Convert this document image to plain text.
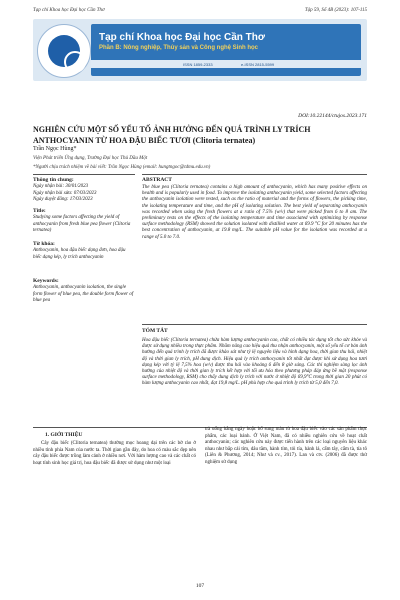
Tạp chí Khoa học Đại học Cần Thơ	Tập 59, Số 4B (2023): 107-115
Tạp chí Khoa học Đại học Cần Thơ
Phần B: Nông nghiệp, Thủy sản và Công nghệ Sinh học
ISSN 1859-2333	e-ISSN 2815-5599
DOI:10.22144/ctujos.2023.171
NGHIÊN CỨU MỘT SỐ YẾU TỐ ẢNH HƯỞNG ĐẾN QUÁ TRÌNH LY TRÍCH ANTHOCYANIN TỪ HOA ĐẬU BIẾC TƯƠI (Clitoria ternatea)
Trần Ngọc Hùng*
Viện Phát triển Ứng dụng, Trường Đại học Thủ Dầu Một
*Người chịu trách nhiệm về bài viết: Trần Ngọc Hùng (email: hungtngoc@tdmu.edu.vn)
Thông tin chung:
Ngày nhận bài: 30/01/2023
Ngày nhận bài sửa: 07/03/2023
Ngày duyệt đăng: 17/03/2023
Title:
Studying some factors affecting the yield of anthocyanin from fresh blue pea flower (Clitoria ternatea)
Từ khóa:
Anthocyanin, hoa đậu biếc dạng đơn, hoa đậu biếc dạng kép, ly trích anthocyanin
Keywords:
Anthocyanin, anthocyanin isolation, the single form flower of blue pea, the double form flower of blue pea
ABSTRACT
The blue pea (Clitoria ternatea) contains a high amount of anthocyanin, which has many positive effects on health and is popularly used in food. To improve the isolating anthocyanin yield, some selected factors affecting the anthocyanin isolation were tested, such as the ratio of material and the forms of flowers, the picking time, the isolating temperature and time, and the pH of isolating solution. The best yield of separating anthocyanin was recorded when using the fresh flowers at a ratio of 7.5% (w/v) that were picked from 6 to 8 am. The preliminary tests on the effects of the isolating temperature and time associated with optimizing by response surface methodology (RSM) showed the solution isolated with distilled water at 69.9 °C for 20 minutes has the best concentration of anthocyanin, at 19.8 mg/L. The suitable pH value for the isolation was recorded at a range of 5.0 to 7.0.
TÓM TẮT
Hoa đậu biếc (Clitoria ternatea) chứa hàm lượng anthocyanin cao, chất có nhiều tác dụng tốt cho sức khỏe và được sử dụng nhiều trong thực phẩm. Nhằm nâng cao hiệu quả thu nhận anthocyanin, một số yếu tố cơ bản ảnh hưởng đến quá trình ly trích đã được khảo sát như tỷ lệ nguyên liệu và hình dạng hoa, thời gian thu hái, nhiệt độ và thời gian ly trích, pH dung dịch. Hiệu quả ly trích anthocyanin tốt nhất đạt được khi sử dụng hoa tươi dạng kép với tỷ lệ 7,5% hoa (w/v) được thu hái vào khoảng 6 đến 8 giờ sáng. Các thí nghiệm sàng lọc ảnh hưởng của nhiệt độ và thời gian ly trích kết hợp với tối ưu hóa theo phương pháp đáp ứng bề mặt (response surface methodology, RSM) cho thấy dung dịch ly trích với nước ở nhiệt độ 69,9°C trong thời gian 20 phút có hàm lượng anthocyanin cao nhất, đạt 19,8 mg/L. pH phù hợp cho quá trình ly trích từ 5,0 đến 7,0.
1. GIỚI THIỆU
Cây đậu biếc (Clitoria ternatea) thường mọc hoang dại trên các bờ rào ở nhiều tỉnh phía Nam của nước ta. Thời gian gần đây, do hoa có màu sắc đẹp nên cây đậu biếc được trồng làm cảnh ở nhiều nơi. Với hàm lượng cao và các chất có hoạt tính sinh học giá trị, hoa đậu biếc đã được sử dụng như một loại
trà uống hằng ngày hoặc bổ sung màu từ hoa đậu biếc vào các sản phẩm thực phẩm, các loại bánh. Ở Việt Nam, đã có nhiều nghiên cứu về hoạt chất anthocyanin; các nghiên cứu này được tiến hành trên các loại nguyên liệu khác nhau như bắp cải tím, dâu tằm, hành tím, tỏi tía, hành lá, cẩm tây, cẩm tà, tía tô (Liên & Phương, 2014; Như và cv., 2017). Lan và ctv. (2006) đã được thử nghiệm sử dụng
107
